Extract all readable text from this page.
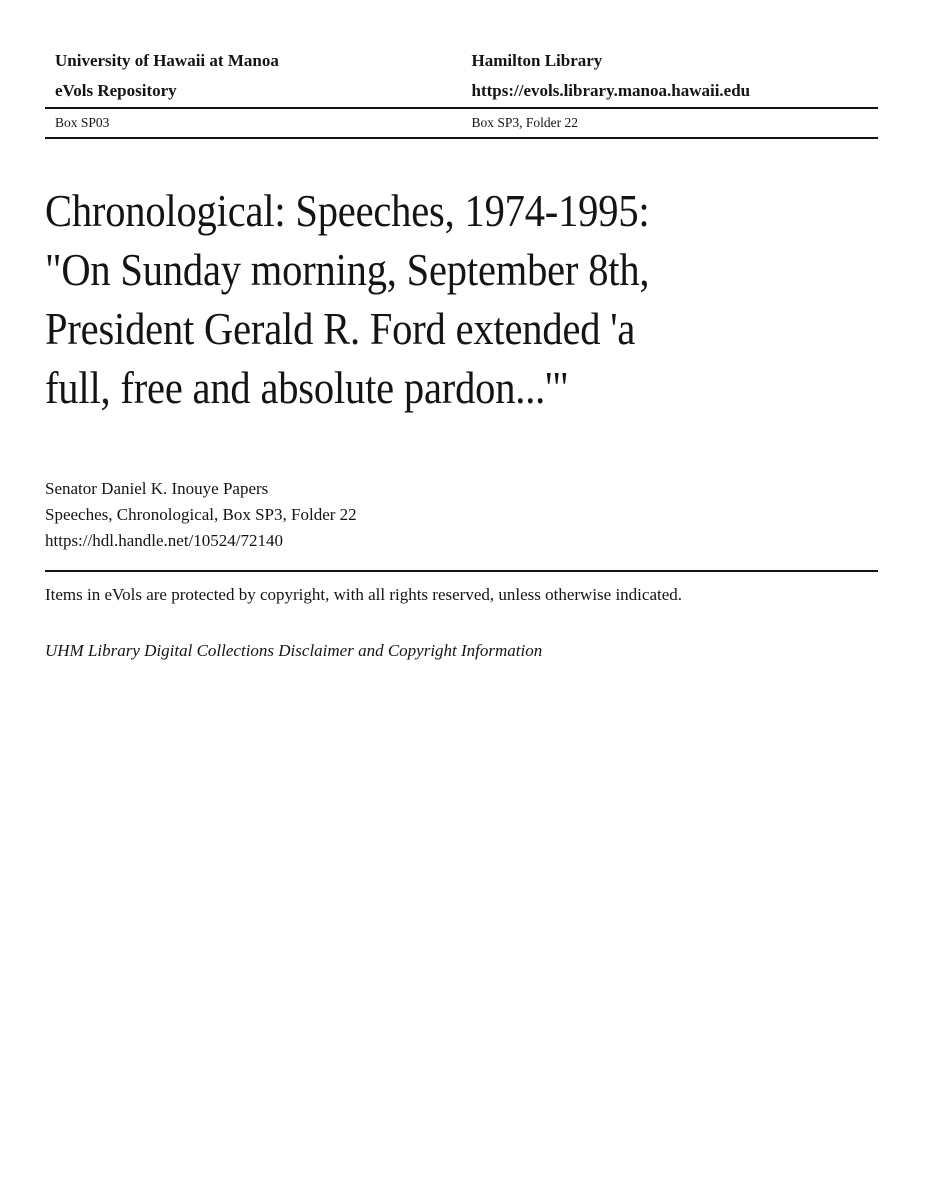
University of Hawaii at Manoa
eVols Repository
Hamilton Library
https://evols.library.manoa.hawaii.edu
Box SP03	Box SP3, Folder 22
Chronological: Speeches, 1974-1995:
"On Sunday morning, September 8th,
President Gerald R. Ford extended 'a
full, free and absolute pardon...'"
Senator Daniel K. Inouye Papers
Speeches, Chronological, Box SP3, Folder 22
https://hdl.handle.net/10524/72140

Items in eVols are protected by copyright, with all rights reserved, unless otherwise indicated.

UHM Library Digital Collections Disclaimer and Copyright Information
